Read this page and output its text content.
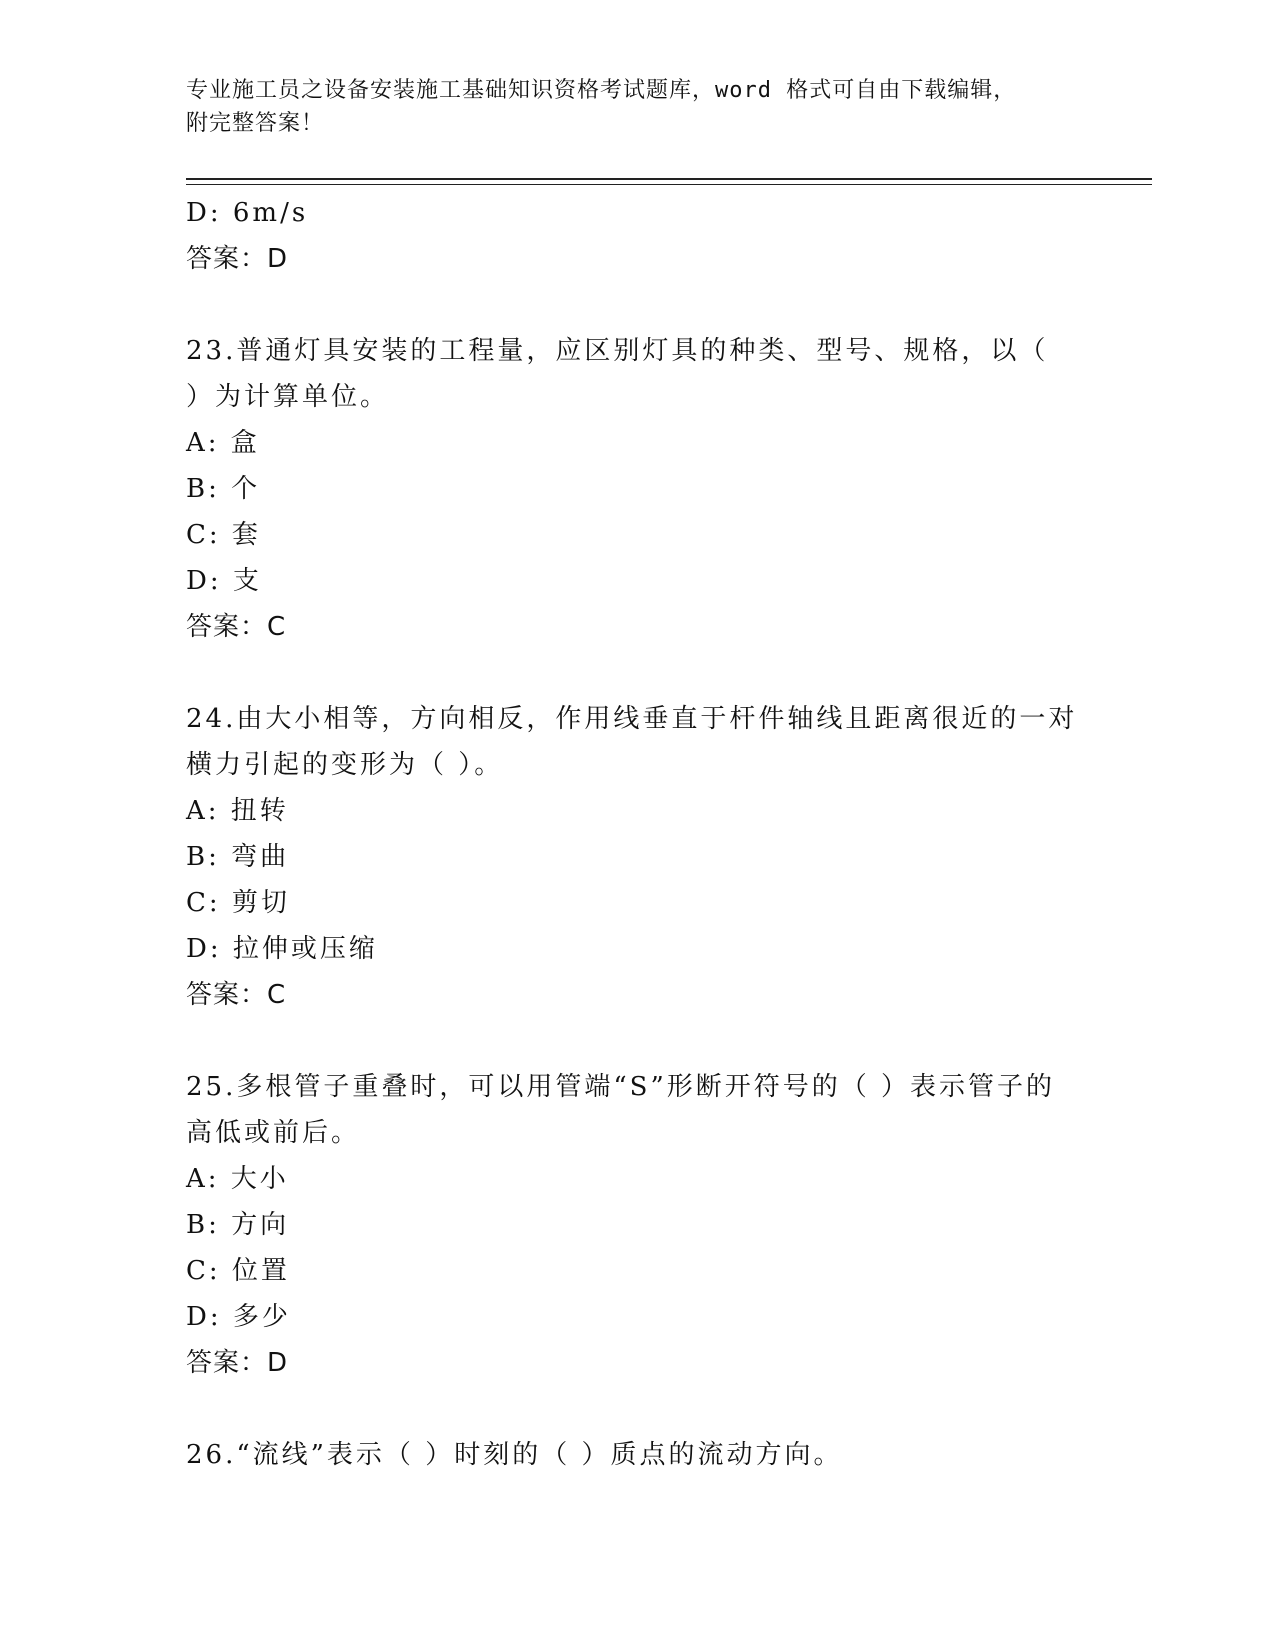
专业施工员之设备安装施工基础知识资格考试题库，word 格式可自由下载编辑，
附完整答案！
D: 6m/s
答案：D
23.普通灯具安装的工程量，应区别灯具的种类、型号、规格，以（
）为计算单位。
A: 盒
B: 个
C: 套
D: 支
答案：C
24.由大小相等，方向相反，作用线垂直于杆件轴线且距离很近的一对
横力引起的变形为（ ）。
A: 扭转
B: 弯曲
C: 剪切
D: 拉伸或压缩
答案：C
25.多根管子重叠时，可以用管端“S”形断开符号的（ ）表示管子的
高低或前后。
A: 大小
B: 方向
C: 位置
D: 多少
答案：D
26.“流线”表示（ ）时刻的（ ）质点的流动方向。
